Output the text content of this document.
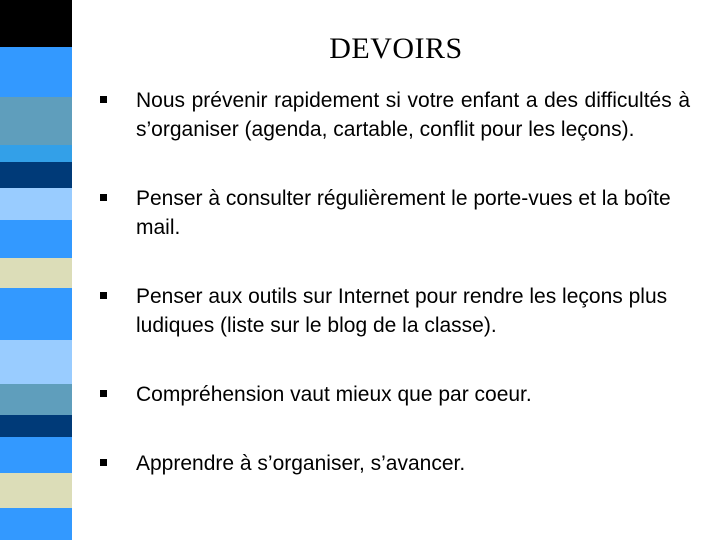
DEVOIRS
Nous prévenir rapidement si votre enfant a des difficultés à s’organiser (agenda, cartable, conflit pour les leçons).
Penser à consulter régulièrement le porte-vues et la boîte mail.
Penser aux outils sur Internet pour rendre les leçons plus ludiques (liste sur le blog de la classe).
Compréhension vaut mieux que par coeur.
Apprendre à s’organiser, s’avancer.
